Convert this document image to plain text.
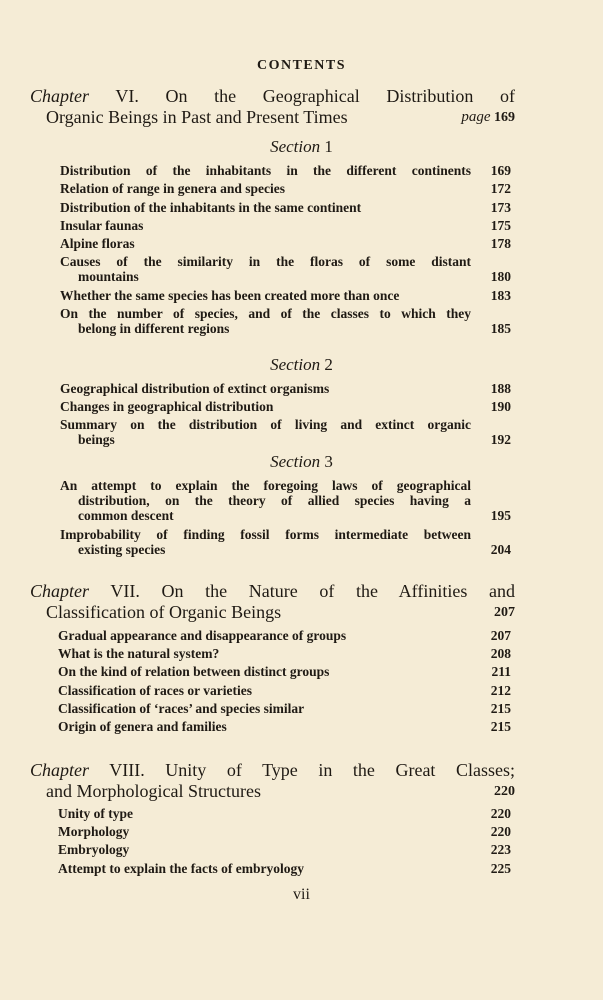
CONTENTS
Chapter VI. On the Geographical Distribution of
Organic Beings in Past and Present Times	page 169
Section 1
Distribution of the inhabitants in the different continents	169
Relation of range in genera and species	172
Distribution of the inhabitants in the same continent	173
Insular faunas	175
Alpine floras	178
Causes of the similarity in the floras of some distant
mountains	180
Whether the same species has been created more than once	183
On the number of species, and of the classes to which they
belong in different regions	185
Section 2
Geographical distribution of extinct organisms	188
Changes in geographical distribution	190
Summary on the distribution of living and extinct organic
beings	192
Section 3
An attempt to explain the foregoing laws of geographical
distribution, on the theory of allied species having a
common descent	195
Improbability of finding fossil forms intermediate between
existing species	204
Chapter VII. On the Nature of the Affinities and
Classification of Organic Beings	207
Gradual appearance and disappearance of groups	207
What is the natural system?	208
On the kind of relation between distinct groups	211
Classification of races or varieties	212
Classification of ‘races’ and species similar	215
Origin of genera and families	215
Chapter VIII. Unity of Type in the Great Classes;
and Morphological Structures	220
Unity of type	220
Morphology	220
Embryology	223
Attempt to explain the facts of embryology	225
vii
